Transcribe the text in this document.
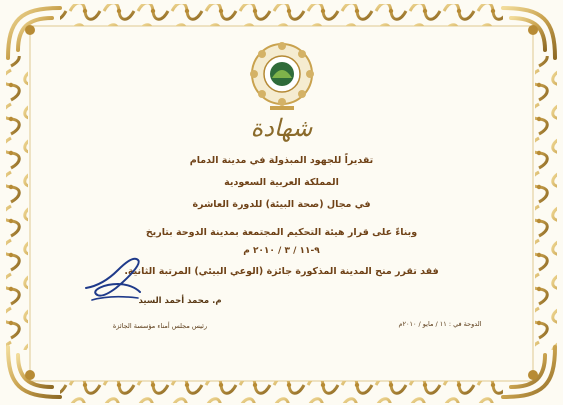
شهادة
تقديراً للجهود المبذولة في مدينة الدمام
المملكة العربية السعودية
في مجال (صحة البيئة) للدورة العاشرة
وبناءً على قرار هيئة التحكيم المجتمعة بمدينة الدوحة بتاريخ
٩-١١ / ٣ / ٢٠١٠ م
فقد تقرر منح المدينة المذكورة جائزة (الوعي البيئي) المرتبة الثانية.
م. محمد أحمد السيد
رئيس مجلس أمناء مؤسسة الجائزة	الدوحة في : ١١ / مايو / ٢٠١٠م
